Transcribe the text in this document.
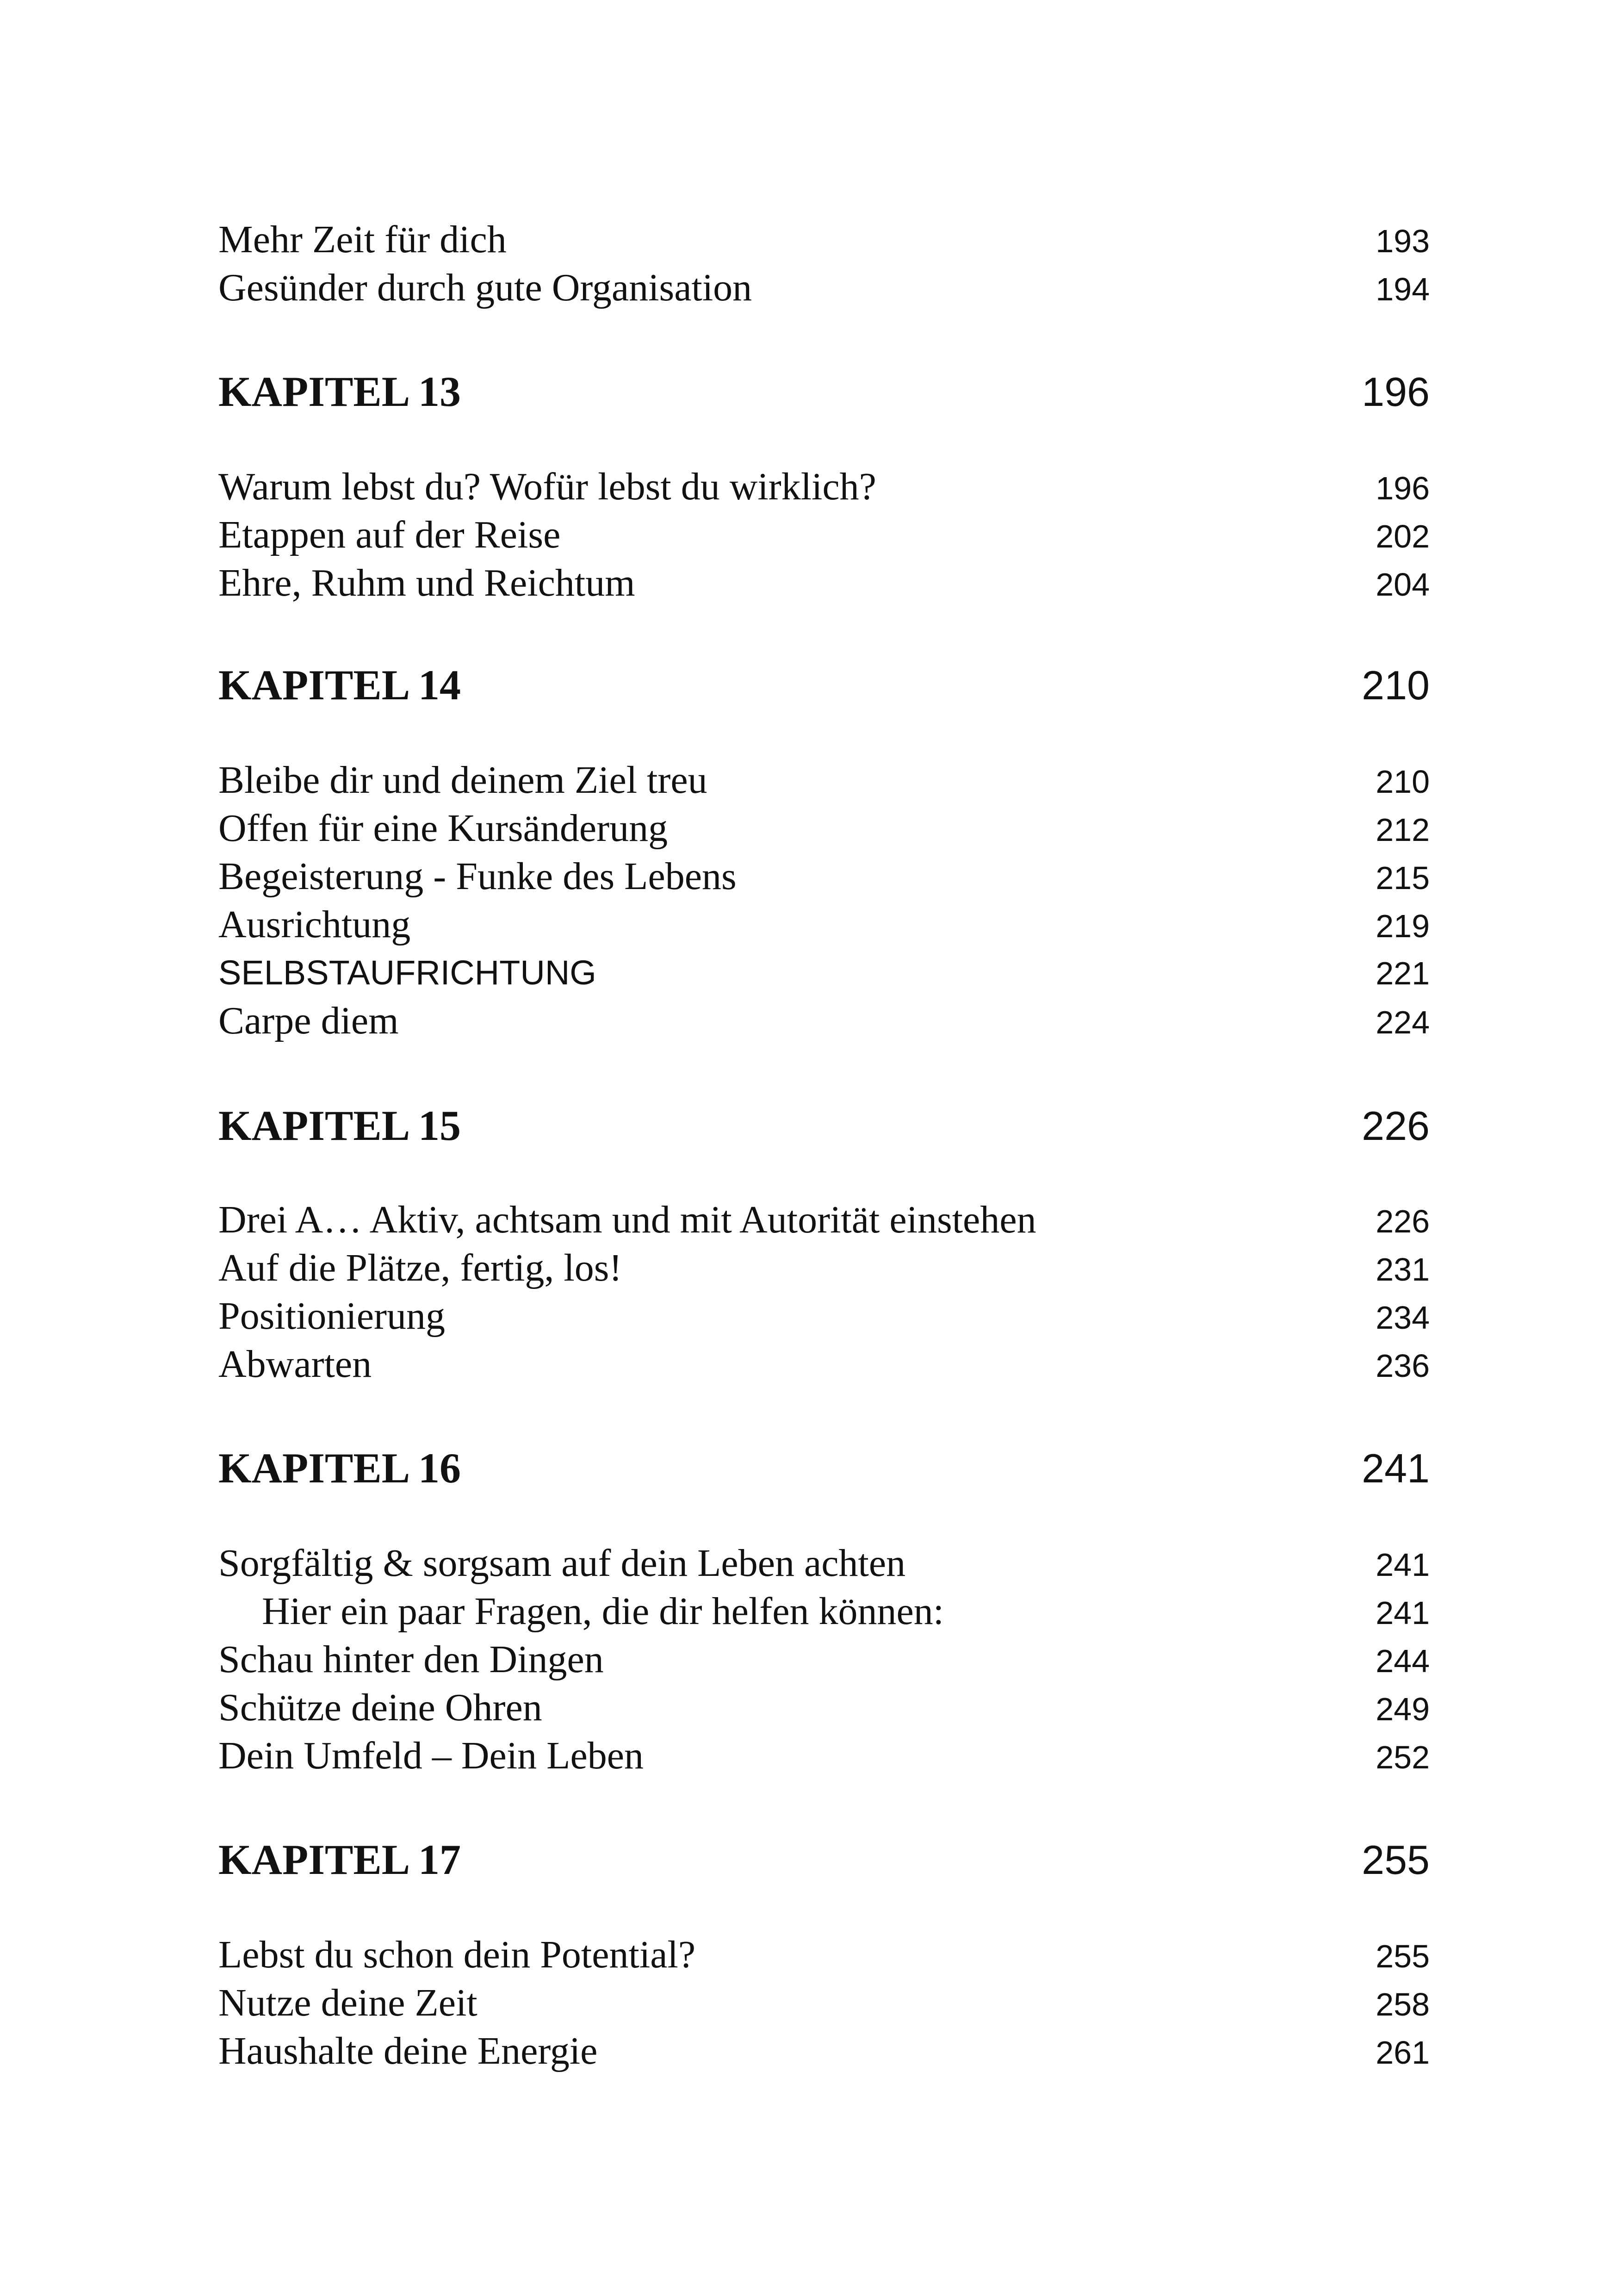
Mehr Zeit für dich	193
Gesünder durch gute Organisation	194
KAPITEL 13	196
Warum lebst du? Wofür lebst du wirklich?	196
Etappen auf der Reise	202
Ehre, Ruhm und Reichtum	204
KAPITEL 14	210
Bleibe dir und deinem Ziel treu	210
Offen für eine Kursänderung	212
Begeisterung - Funke des Lebens	215
Ausrichtung	219
SELBSTAUFRICHTUNG	221
Carpe diem	224
KAPITEL 15	226
Drei A… Aktiv, achtsam und mit Autorität einstehen	226
Auf die Plätze, fertig, los!	231
Positionierung	234
Abwarten	236
KAPITEL 16	241
Sorgfältig & sorgsam auf dein Leben achten	241
Hier ein paar Fragen, die dir helfen können:	241
Schau hinter den Dingen	244
Schütze deine Ohren	249
Dein Umfeld – Dein Leben	252
KAPITEL 17	255
Lebst du schon dein Potential?	255
Nutze deine Zeit	258
Haushalte deine Energie	261
